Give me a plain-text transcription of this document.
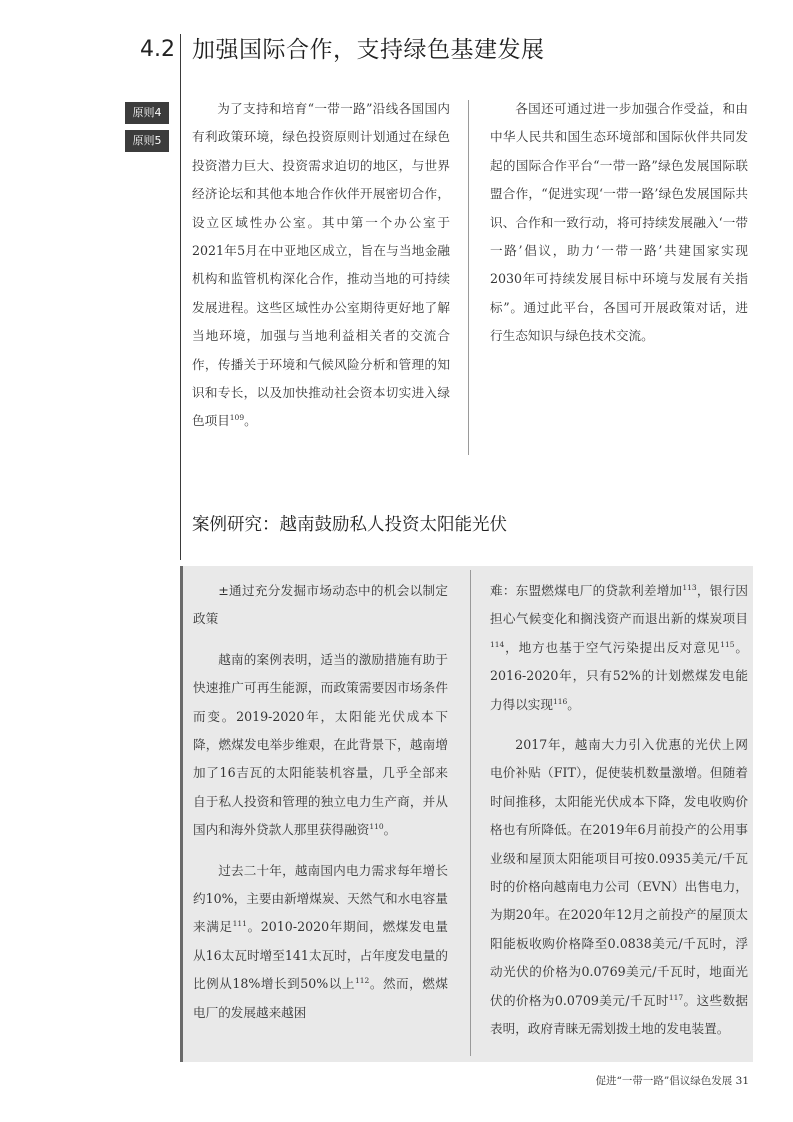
4.2 加强国际合作，支持绿色基建发展
原则4
原则5

为了支持和培育“一带一路”沿线各国国内有利政策环境，绿色投资原则计划通过在绿色投资潜力巨大、投资需求迫切的地区，与世界经济论坛和其他本地合作伙伴开展密切合作，设立区域性办公室。其中第一个办公室于2021年5月在中亚地区成立，旨在与当地金融机构和监管机构深化合作，推动当地的可持续发展进程。这些区域性办公室期待更好地了解当地环境，加强与当地利益相关者的交流合作，传播关于环境和气候风险分析和管理的知识和专长，以及加快推动社会资本切实进入绿色项目$^{109}$。

各国还可通过进一步加强合作受益，和由中华人民共和国生态环境部和国际伙伴共同发起的国际合作平台“一带一路”绿色发展国际联盟合作，“促进实现‘一带一路’绿色发展国际共识、合作和一致行动，将可持续发展融入‘一带一路’倡议，助力‘一带一路’共建国家实现2030年可持续发展目标中环境与发展有关指标”。通过此平台，各国可开展政策对话，进行生态知识与绿色技术交流。

案例研究：越南鼓励私人投资太阳能光伏

±通过充分发掘市场动态中的机会以制定政策

越南的案例表明，适当的激励措施有助于快速推广可再生能源，而政策需要因市场条件而变。2019-2020年，太阳能光伏成本下降，燃煤发电举步维艰，在此背景下，越南增加了16吉瓦的太阳能装机容量，几乎全部来自于私人投资和管理的独立电力生产商，并从国内和海外贷款人那里获得融资$^{110}$。

过去二十年，越南国内电力需求每年增长约10%，主要由新增煤炭、天然气和水电容量来满足$^{111}$。2010-2020年期间，燃煤发电量从16太瓦时增至141太瓦时，占年度发电量的比例从18%增长到50%以上$^{112}$。然而，燃煤电厂的发展越来越困

难：东盟燃煤电厂的贷款利差增加$^{113}$，银行因担心气候变化和搁浅资产而退出新的煤炭项目$^{114}$，地方也基于空气污染提出反对意见$^{115}$。2016-2020年，只有52%的计划燃煤发电能力得以实现$^{116}$。

2017年，越南大力引入优惠的光伏上网电价补贴（FIT），促使装机数量激增。但随着时间推移，太阳能光伏成本下降，发电收购价格也有所降低。在2019年6月前投产的公用事业级和屋顶太阳能项目可按0.0935美元/千瓦时的价格向越南电力公司（EVN）出售电力，为期20年。在2020年12月之前投产的屋顶太阳能板收购价格降至0.0838美元/千瓦时，浮动光伏的价格为0.0769美元/千瓦时，地面光伏的价格为0.0709美元/千瓦时$^{117}$。这些数据表明，政府青睐无需划拨土地的发电装置。

促进“一带一路”倡议绿色发展 31
